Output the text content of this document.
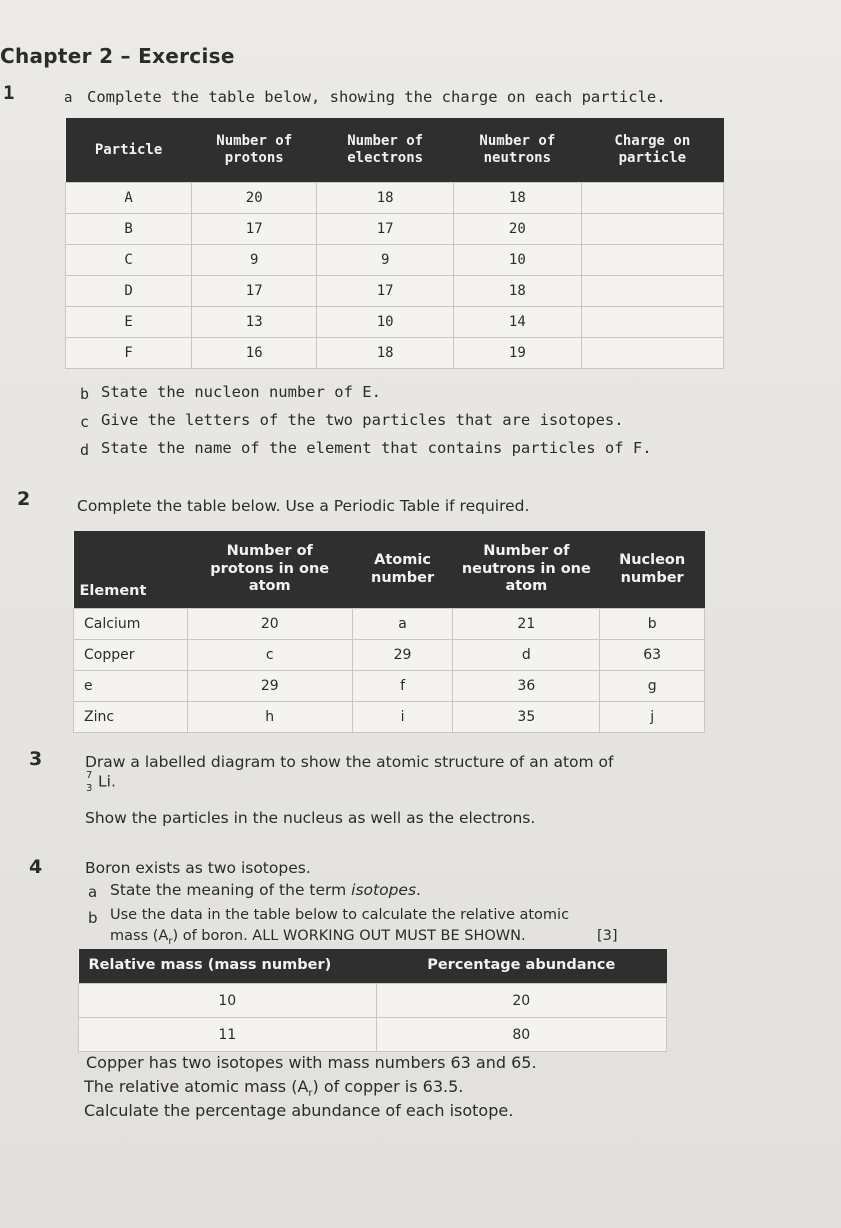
Chapter 2 – Exercise
1	a Complete the table below, showing the charge on each particle.
Particle	Number of protons	Number of electrons	Number of neutrons	Charge on particle
A	20	18	18	
B	17	17	20	
C	9	9	10	
D	17	17	18	
E	13	10	14	
F	16	18	19	
b State the nucleon number of E.
c Give the letters of the two particles that are isotopes.
d State the name of the element that contains particles of F.
2	Complete the table below. Use a Periodic Table if required.
Element	Number of protons in one atom	Atomic number	Number of neutrons in one atom	Nucleon number
Calcium	20	a	21	b
Copper	c	29	d	63
e	29	f	36	g
Zinc	h	i	35	j
3	Draw a labelled diagram to show the atomic structure of an atom of
7
3 Li.
Show the particles in the nucleus as well as the electrons.
4	Boron exists as two isotopes.
a State the meaning of the term isotopes.
b Use the data in the table below to calculate the relative atomic
mass $(A_r)$ of boron. ALL WORKING OUT MUST BE SHOWN.	[3]
Relative mass (mass number)	Percentage abundance
10	20
11	80
Copper has two isotopes with mass numbers 63 and 65.
The relative atomic mass $(A_r)$ of copper is 63.5.
Calculate the percentage abundance of each isotope.
